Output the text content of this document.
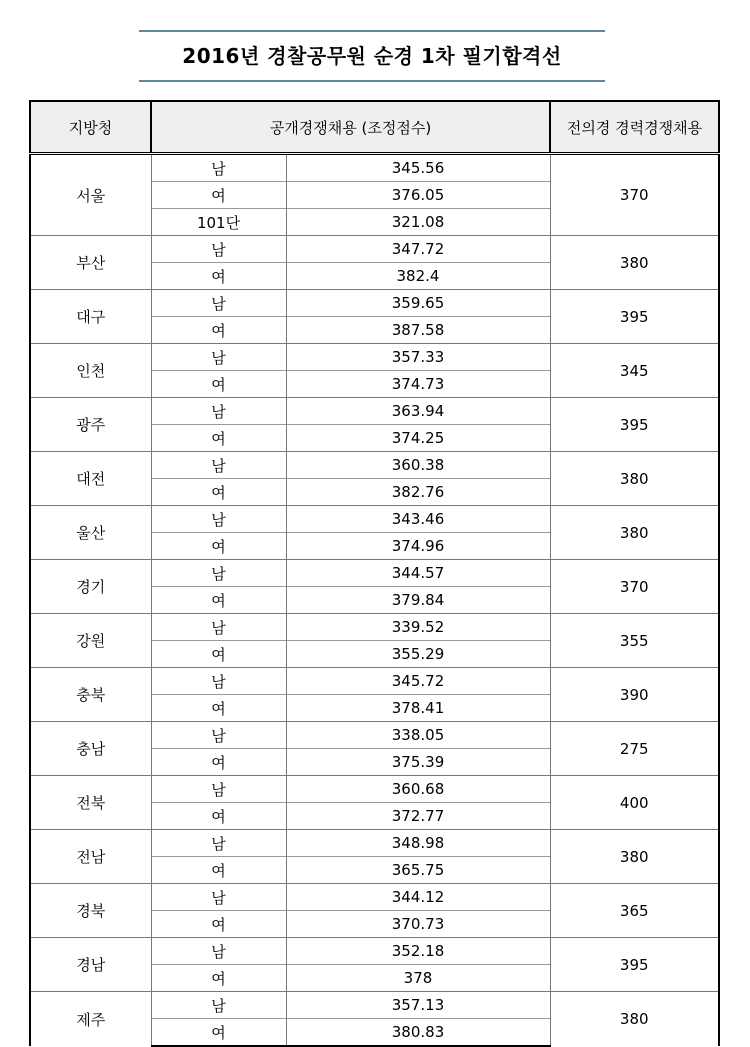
2016년 경찰공무원 순경 1차 필기합격선
지방청	공개경쟁채용 (조정점수)		전의경 경력경쟁채용
서울	남	345.56	370
	여	376.05	
	101단	321.08	
부산	남	347.72	380
	여	382.4	
대구	남	359.65	395
	여	387.58	
인천	남	357.33	345
	여	374.73	
광주	남	363.94	395
	여	374.25	
대전	남	360.38	380
	여	382.76	
울산	남	343.46	380
	여	374.96	
경기	남	344.57	370
	여	379.84	
강원	남	339.52	355
	여	355.29	
충북	남	345.72	390
	여	378.41	
충남	남	338.05	275
	여	375.39	
전북	남	360.68	400
	여	372.77	
전남	남	348.98	380
	여	365.75	
경북	남	344.12	365
	여	370.73	
경남	남	352.18	395
	여	378	
제주	남	357.13	380
	여	380.83	
